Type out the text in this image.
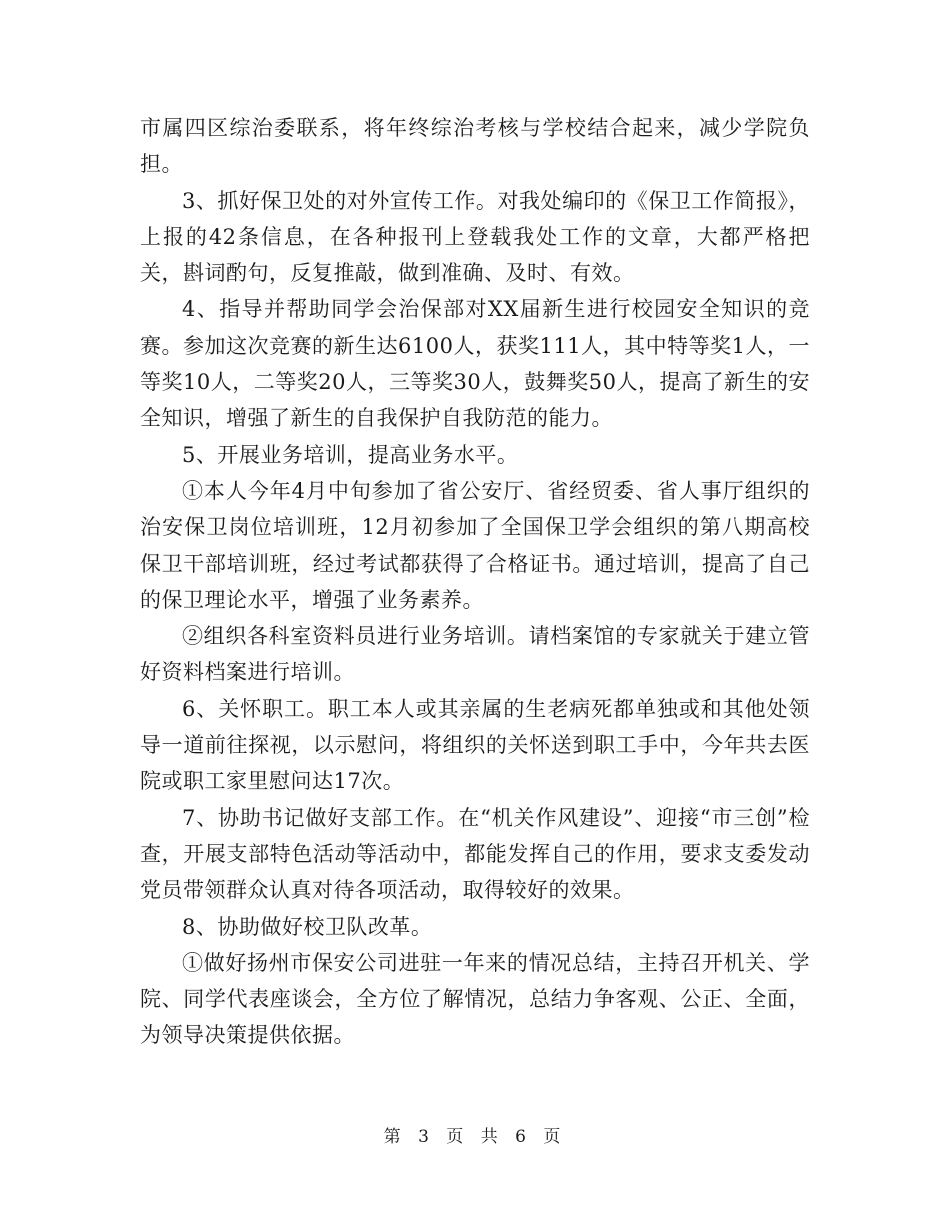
市属四区综治委联系，将年终综治考核与学校结合起来，减少学院负担。

3、抓好保卫处的对外宣传工作。对我处编印的《保卫工作简报》，上报的42条信息，在各种报刊上登载我处工作的文章，大都严格把关，斟词酌句，反复推敲，做到准确、及时、有效。

4、指导并帮助同学会治保部对XX届新生进行校园安全知识的竞赛。参加这次竞赛的新生达6100人，获奖111人，其中特等奖1人，一等奖10人，二等奖20人，三等奖30人，鼓舞奖50人，提高了新生的安全知识，增强了新生的自我保护自我防范的能力。

5、开展业务培训，提高业务水平。

①本人今年4月中旬参加了省公安厅、省经贸委、省人事厅组织的治安保卫岗位培训班，12月初参加了全国保卫学会组织的第八期高校保卫干部培训班，经过考试都获得了合格证书。通过培训，提高了自己的保卫理论水平，增强了业务素养。

②组织各科室资料员进行业务培训。请档案馆的专家就关于建立管好资料档案进行培训。

6、关怀职工。职工本人或其亲属的生老病死都单独或和其他处领导一道前往探视，以示慰问，将组织的关怀送到职工手中，今年共去医院或职工家里慰问达17次。

7、协助书记做好支部工作。在“机关作风建设”、迎接“市三创”检查，开展支部特色活动等活动中，都能发挥自己的作用，要求支委发动党员带领群众认真对待各项活动，取得较好的效果。

8、协助做好校卫队改革。

①做好扬州市保安公司进驻一年来的情况总结，主持召开机关、学院、同学代表座谈会，全方位了解情况，总结力争客观、公正、全面，为领导决策提供依据。

第 3 页 共 6 页
